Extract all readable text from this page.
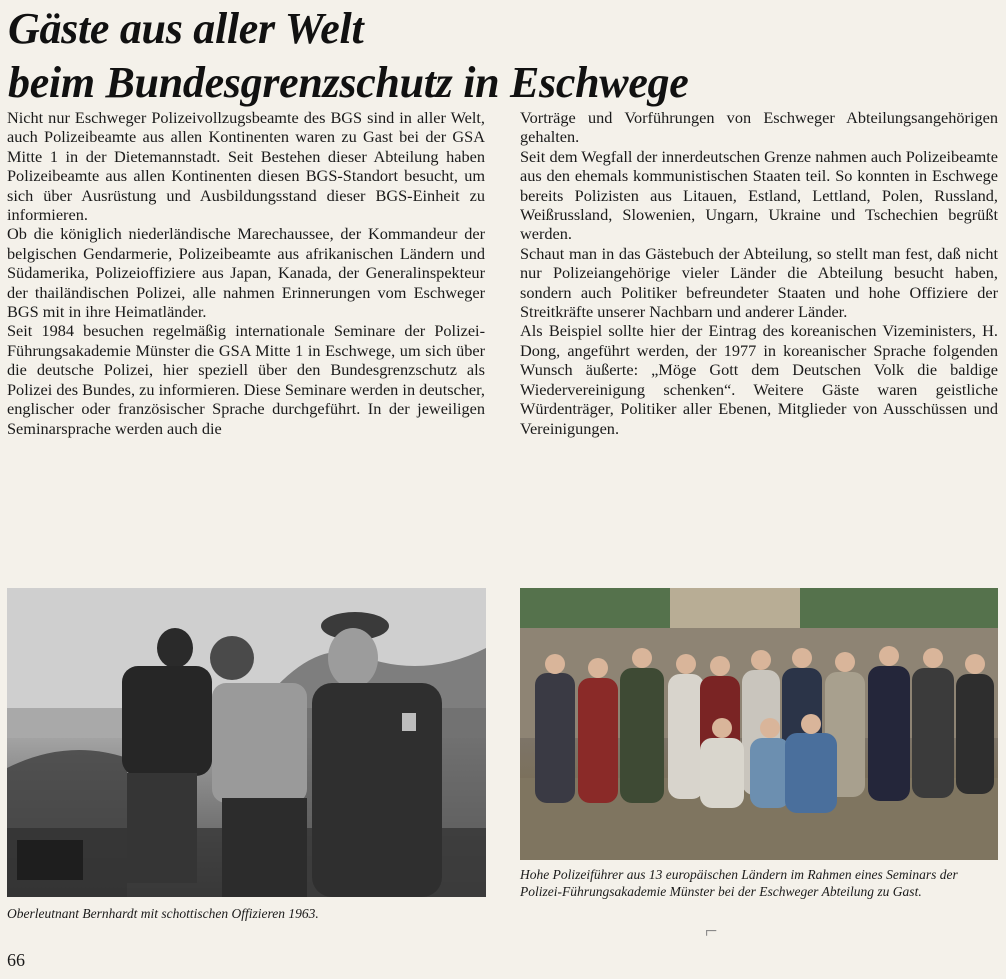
Gäste aus aller Welt
beim Bundesgrenzschutz in Eschwege

Nicht nur Eschweger Polizeivollzugsbeamte des BGS sind in aller Welt, auch Polizeibeamte aus allen Kontinenten waren zu Gast bei der GSA Mitte 1 in der Dietemannstadt. Seit Bestehen dieser Abteilung haben Polizeibeamte aus allen Kontinenten diesen BGS-Standort besucht, um sich über Ausrüstung und Ausbildungsstand dieser BGS-Einheit zu informieren.

Ob die königlich niederländische Marechaussee, der Kommandeur der belgischen Gendarmerie, Polizeibeamte aus afrikanischen Ländern und Südamerika, Polizeioffiziere aus Japan, Kanada, der Generalinspekteur der thailändischen Polizei, alle nahmen Erinnerungen vom Eschweger BGS mit in ihre Heimatländer.

Seit 1984 besuchen regelmäßig internationale Seminare der Polizei-Führungsakademie Münster die GSA Mitte 1 in Eschwege, um sich über die deutsche Polizei, hier speziell über den Bundesgrenzschutz als Polizei des Bundes, zu informieren. Diese Seminare werden in deutscher, englischer oder französischer Sprache durchgeführt. In der jeweiligen Seminarsprache werden auch die

Vorträge und Vorführungen von Eschweger Abteilungsangehörigen gehalten.

Seit dem Wegfall der innerdeutschen Grenze nahmen auch Polizeibeamte aus den ehemals kommunistischen Staaten teil. So konnten in Eschwege bereits Polizisten aus Litauen, Estland, Lettland, Polen, Russland, Weißrussland, Slowenien, Ungarn, Ukraine und Tschechien begrüßt werden.

Schaut man in das Gästebuch der Abteilung, so stellt man fest, daß nicht nur Polizeiangehörige vieler Länder die Abteilung besucht haben, sondern auch Politiker befreundeter Staaten und hohe Offiziere der Streitkräfte unserer Nachbarn und anderer Länder.

Als Beispiel sollte hier der Eintrag des koreanischen Vizeministers, H. Dong, angeführt werden, der 1977 in koreanischer Sprache folgenden Wunsch äußerte: „Möge Gott dem Deutschen Volk die baldige Wiedervereinigung schenken“. Weitere Gäste waren geistliche Würdenträger, Politiker aller Ebenen, Mitglieder von Ausschüssen und Vereinigungen.

Oberleutnant Bernhardt mit schottischen Offizieren 1963.
Hohe Polizeiführer aus 13 europäischen Ländern im Rahmen eines Seminars der Polizei-Führungsakademie Münster bei der Eschweger Abteilung zu Gast.
⌐
66
